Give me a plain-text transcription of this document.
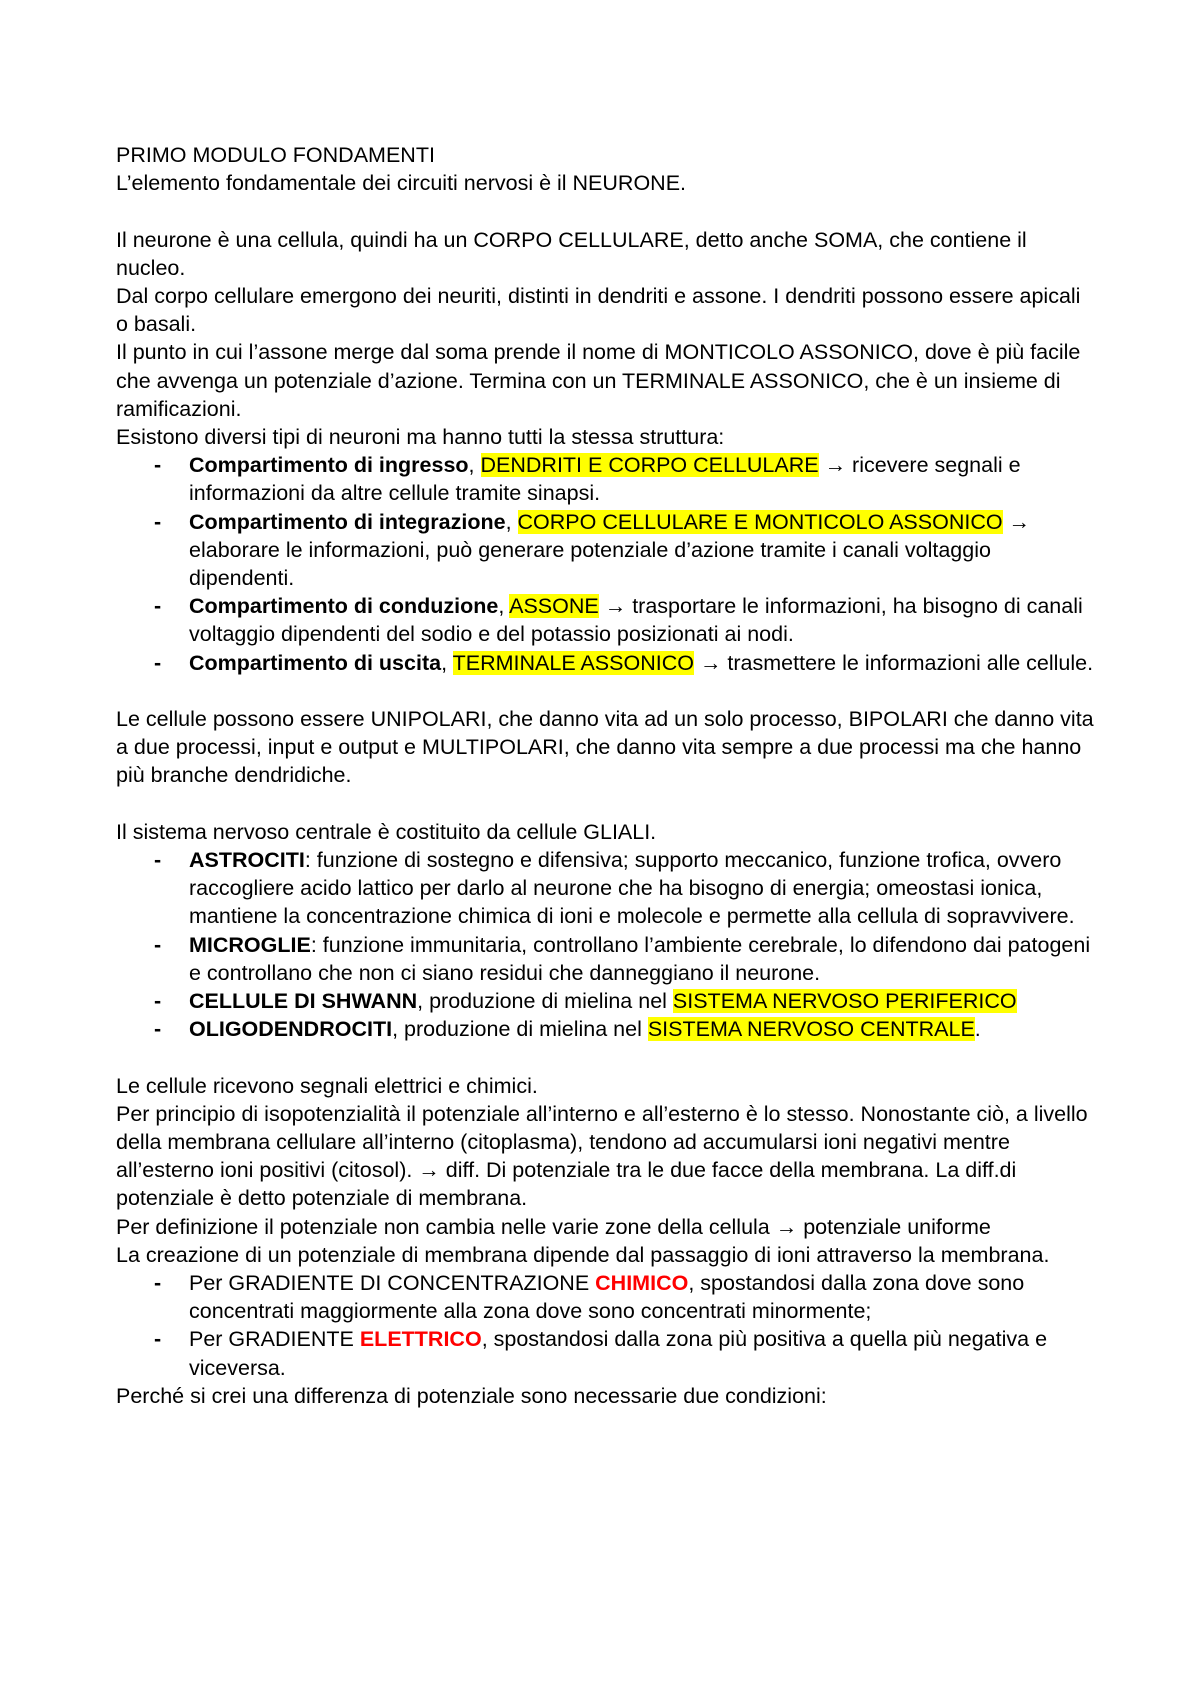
PRIMO MODULO FONDAMENTI

L’elemento fondamentale dei circuiti nervosi è il NEURONE.

Il neurone è una cellula, quindi ha un CORPO CELLULARE, detto anche SOMA, che contiene il nucleo.

Dal corpo cellulare emergono dei neuriti, distinti in dendriti e assone. I dendriti possono essere apicali o basali.

Il punto in cui l’assone merge dal soma prende il nome di MONTICOLO ASSONICO, dove è più facile che avvenga un potenziale d’azione. Termina con un TERMINALE ASSONICO, che è un insieme di ramificazioni.

Esistono diversi tipi di neuroni ma hanno tutti la stessa struttura:

- Compartimento di ingresso, DENDRITI E CORPO CELLULARE → ricevere segnali e informazioni da altre cellule tramite sinapsi.
- Compartimento di integrazione, CORPO CELLULARE E MONTICOLO ASSONICO → elaborare le informazioni, può generare potenziale d’azione tramite i canali voltaggio dipendenti.
- Compartimento di conduzione, ASSONE → trasportare le informazioni, ha bisogno di canali voltaggio dipendenti del sodio e del potassio posizionati ai nodi.
- Compartimento di uscita, TERMINALE ASSONICO → trasmettere le informazioni alle cellule.

Le cellule possono essere UNIPOLARI, che danno vita ad un solo processo, BIPOLARI che danno vita a due processi, input e output e MULTIPOLARI, che danno vita sempre a due processi ma che hanno più branche dendridiche.

Il sistema nervoso centrale è costituito da cellule GLIALI.

- ASTROCITI: funzione di sostegno e difensiva; supporto meccanico, funzione trofica, ovvero raccogliere acido lattico per darlo al neurone che ha bisogno di energia; omeostasi ionica, mantiene la concentrazione chimica di ioni e molecole e permette alla cellula di sopravvivere.
- MICROGLIE: funzione immunitaria, controllano l’ambiente cerebrale, lo difendono dai patogeni e controllano che non ci siano residui che danneggiano il neurone.
- CELLULE DI SHWANN, produzione di mielina nel SISTEMA NERVOSO PERIFERICO
- OLIGODENDROCITI, produzione di mielina nel SISTEMA NERVOSO CENTRALE.

Le cellule ricevono segnali elettrici e chimici.

Per principio di isopotenzialità il potenziale all’interno e all’esterno è lo stesso. Nonostante ciò, a livello della membrana cellulare all’interno (citoplasma), tendono ad accumularsi ioni negativi mentre all’esterno ioni positivi (citosol). → diff. Di potenziale tra le due facce della membrana. La diff.di potenziale è detto potenziale di membrana.

Per definizione il potenziale non cambia nelle varie zone della cellula → potenziale uniforme

La creazione di un potenziale di membrana dipende dal passaggio di ioni attraverso la membrana.

- Per GRADIENTE DI CONCENTRAZIONE CHIMICO, spostandosi dalla zona dove sono concentrati maggiormente alla zona dove sono concentrati minormente;
- Per GRADIENTE ELETTRICO, spostandosi dalla zona più positiva a quella più negativa e viceversa.

Perché si crei una differenza di potenziale sono necessarie due condizioni:
